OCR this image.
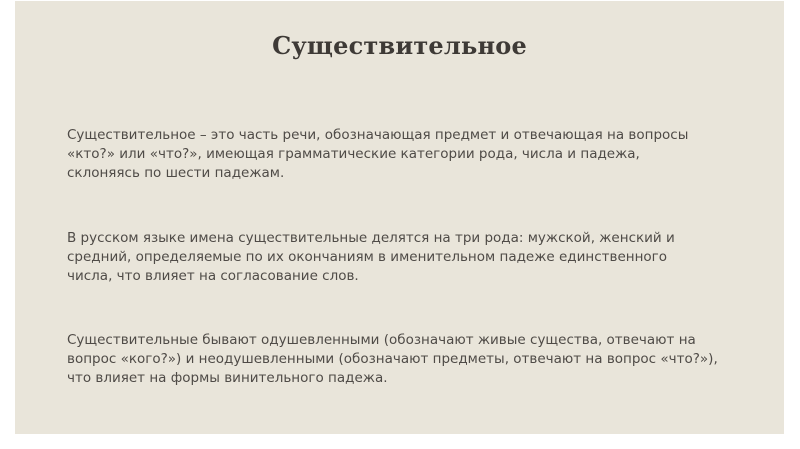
Существительное

Существительное – это часть речи, обозначающая предмет и отвечающая на вопросы
«кто?» или «что?», имеющая грамматические категории рода, числа и падежа,
склоняясь по шести падежам.

В русском языке имена существительные делятся на три рода: мужской, женский и
средний, определяемые по их окончаниям в именительном падеже единственного
числа, что влияет на согласование слов.

Существительные бывают одушевленными (обозначают живые существа, отвечают на
вопрос «кого?») и неодушевленными (обозначают предметы, отвечают на вопрос «что?»),
что влияет на формы винительного падежа.
